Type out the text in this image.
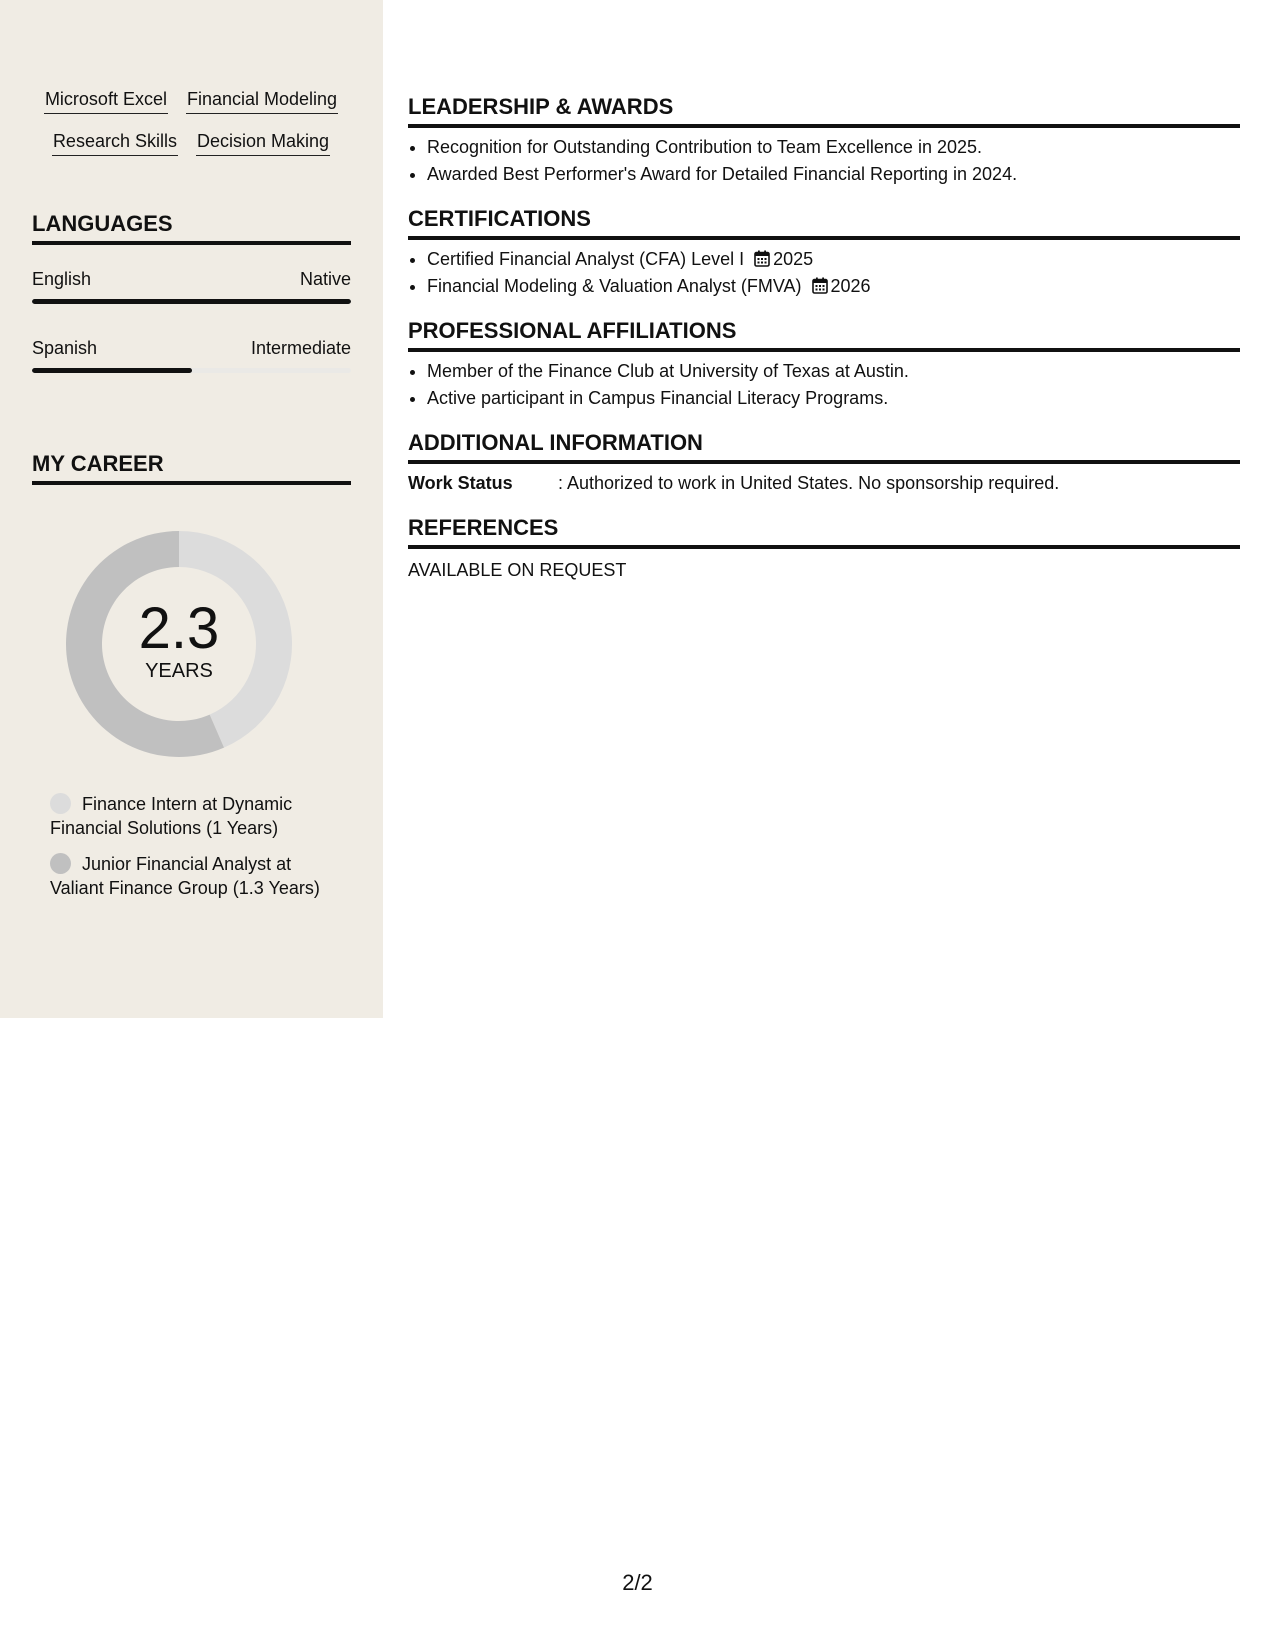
Microsoft Excel Financial Modeling
Research Skills Decision Making
LANGUAGES
English	Native
Spanish	Intermediate
MY CAREER
2.3
YEARS
Finance Intern at Dynamic Financial Solutions (1 Years)
Junior Financial Analyst at Valiant Finance Group (1.3 Years)
LEADERSHIP & AWARDS
• Recognition for Outstanding Contribution to Team Excellence in 2025.
• Awarded Best Performer's Award for Detailed Financial Reporting in 2024.
CERTIFICATIONS
• Certified Financial Analyst (CFA) Level I 2025
• Financial Modeling & Valuation Analyst (FMVA) 2026
PROFESSIONAL AFFILIATIONS
• Member of the Finance Club at University of Texas at Austin.
• Active participant in Campus Financial Literacy Programs.
ADDITIONAL INFORMATION
Work Status	: Authorized to work in United States. No sponsorship required.
REFERENCES

AVAILABLE ON REQUEST

2/2
